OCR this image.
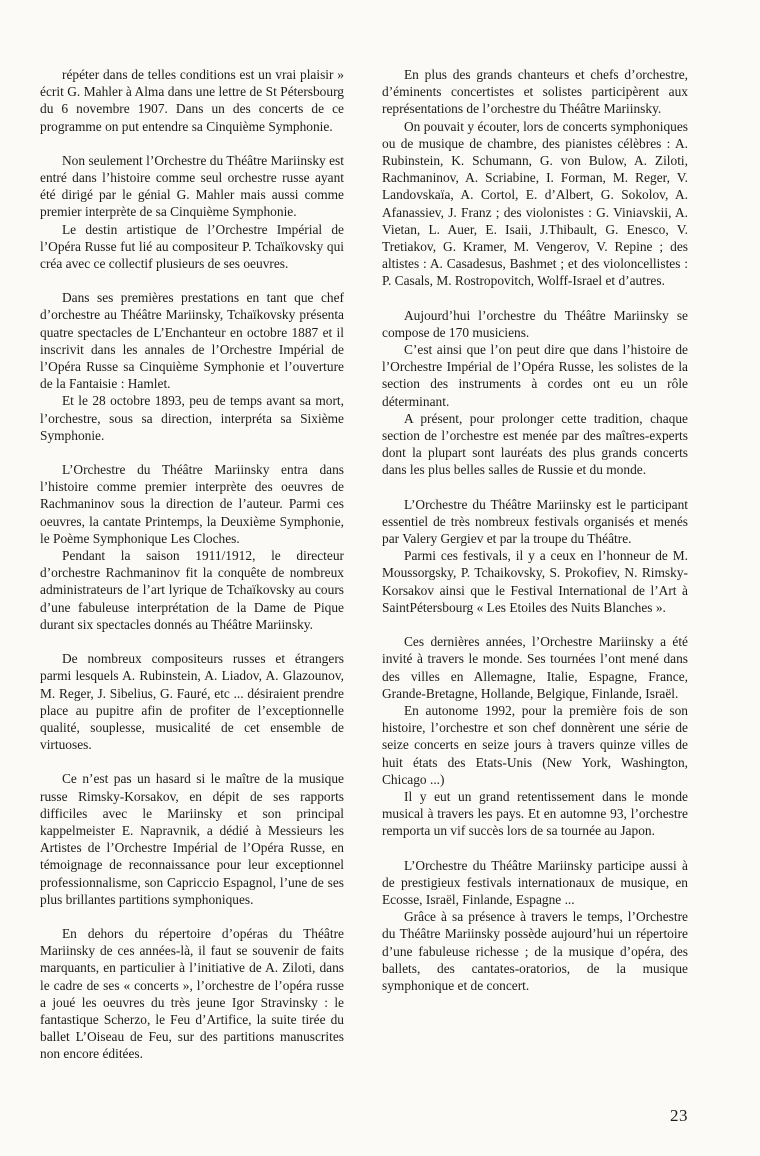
répéter dans de telles conditions est un vrai plaisir » écrit G. Mahler à Alma dans une lettre de St Pétersbourg du 6 novembre 1907. Dans un des concerts de ce programme on put entendre sa Cinquième Symphonie.

Non seulement l’Orchestre du Théâtre Mariinsky est entré dans l’histoire comme seul orchestre russe ayant été dirigé par le génial G. Mahler mais aussi comme premier interprète de sa Cinquième Symphonie.

Le destin artistique de l’Orchestre Impérial de l’Opéra Russe fut lié au compositeur P. Tchaïkovsky qui créa avec ce collectif plusieurs de ses oeuvres.

Dans ses premières prestations en tant que chef d’orchestre au Théâtre Mariinsky, Tchaïkovsky présenta quatre spectacles de L’Enchanteur en octobre 1887 et il inscrivit dans les annales de l’Orchestre Impérial de l’Opéra Russe sa Cinquième Symphonie et l’ouverture de la Fantaisie : Hamlet.

Et le 28 octobre 1893, peu de temps avant sa mort, l’orchestre, sous sa direction, interpréta sa Sixième Symphonie.

L’Orchestre du Théâtre Mariinsky entra dans l’histoire comme premier interprète des oeuvres de Rachmaninov sous la direction de l’auteur. Parmi ces oeuvres, la cantate Printemps, la Deuxième Symphonie, le Poème Symphonique Les Cloches.

Pendant la saison 1911/1912, le directeur d’orchestre Rachmaninov fit la conquête de nombreux administrateurs de l’art lyrique de Tchaïkovsky au cours d’une fabuleuse interprétation de la Dame de Pique durant six spectacles donnés au Théâtre Mariinsky.

De nombreux compositeurs russes et étrangers parmi lesquels A. Rubinstein, A. Liadov, A. Glazounov, M. Reger, J. Sibelius, G. Fauré, etc ... désiraient prendre place au pupitre afin de profiter de l’exceptionnelle qualité, souplesse, musicalité de cet ensemble de virtuoses.

Ce n’est pas un hasard si le maître de la musique russe Rimsky-Korsakov, en dépit de ses rapports difficiles avec le Mariinsky et son principal kappelmeister E. Napravnik, a dédié à Messieurs les Artistes de l’Orchestre Impérial de l’Opéra Russe, en témoignage de reconnaissance pour leur exceptionnel professionnalisme, son Capriccio Espagnol, l’une de ses plus brillantes partitions symphoniques.

En dehors du répertoire d’opéras du Théâtre Mariinsky de ces années-là, il faut se souvenir de faits marquants, en particulier à l’initiative de A. Ziloti, dans le cadre de ses « concerts », l’orchestre de l’opéra russe a joué les oeuvres du très jeune Igor Stravinsky : le fantastique Scherzo, le Feu d’Artifice, la suite tirée du ballet L’Oiseau de Feu, sur des partitions manuscrites non encore éditées.

En plus des grands chanteurs et chefs d’orchestre, d’éminents concertistes et solistes participèrent aux représentations de l’orchestre du Théâtre Mariinsky.

On pouvait y écouter, lors de concerts symphoniques ou de musique de chambre, des pianistes célèbres : A. Rubinstein, K. Schumann, G. von Bulow, A. Ziloti, Rachmaninov, A. Scriabine, I. Forman, M. Reger, V. Landovskaïa, A. Cortol, E. d’Albert, G. Sokolov, A. Afanassiev, J. Franz ; des violonistes : G. Viniavskii, A. Vietan, L. Auer, E. Isaii, J.Thibault, G. Enesco, V. Tretiakov, G. Kramer, M. Vengerov, V. Repine ; des altistes : A. Casadesus, Bashmet ; et des violoncellistes : P. Casals, M. Rostropovitch, Wolff-Israel et d’autres.

Aujourd’hui l’orchestre du Théâtre Mariinsky se compose de 170 musiciens.

C’est ainsi que l’on peut dire que dans l’histoire de l’Orchestre Impérial de l’Opéra Russe, les solistes de la section des instruments à cordes ont eu un rôle déterminant.

A présent, pour prolonger cette tradition, chaque section de l’orchestre est menée par des maîtres-experts dont la plupart sont lauréats des plus grands concerts dans les plus belles salles de Russie et du monde.

L’Orchestre du Théâtre Mariinsky est le participant essentiel de très nombreux festivals organisés et menés par Valery Gergiev et par la troupe du Théâtre.

Parmi ces festivals, il y a ceux en l’honneur de M. Moussorgsky, P. Tchaikovsky, S. Prokofiev, N. Rimsky-Korsakov ainsi que le Festival International de l’Art à SaintPétersbourg « Les Etoiles des Nuits Blanches ».

Ces dernières années, l’Orchestre Mariinsky a été invité à travers le monde. Ses tournées l’ont mené dans des villes en Allemagne, Italie, Espagne, France, Grande-Bretagne, Hollande, Belgique, Finlande, Israël.

En autonome 1992, pour la première fois de son histoire, l’orchestre et son chef donnèrent une série de seize concerts en seize jours à travers quinze villes de huit états des Etats-Unis (New York, Washington, Chicago ...)

Il y eut un grand retentissement dans le monde musical à travers les pays. Et en automne 93, l’orchestre remporta un vif succès lors de sa tournée au Japon.

L’Orchestre du Théâtre Mariinsky participe aussi à de prestigieux festivals internationaux de musique, en Ecosse, Israël, Finlande, Espagne ...

Grâce à sa présence à travers le temps, l’Orchestre du Théâtre Mariinsky possède aujourd’hui un répertoire d’une fabuleuse richesse ; de la musique d’opéra, des ballets, des cantates-oratorios, de la musique symphonique et de concert.

23
